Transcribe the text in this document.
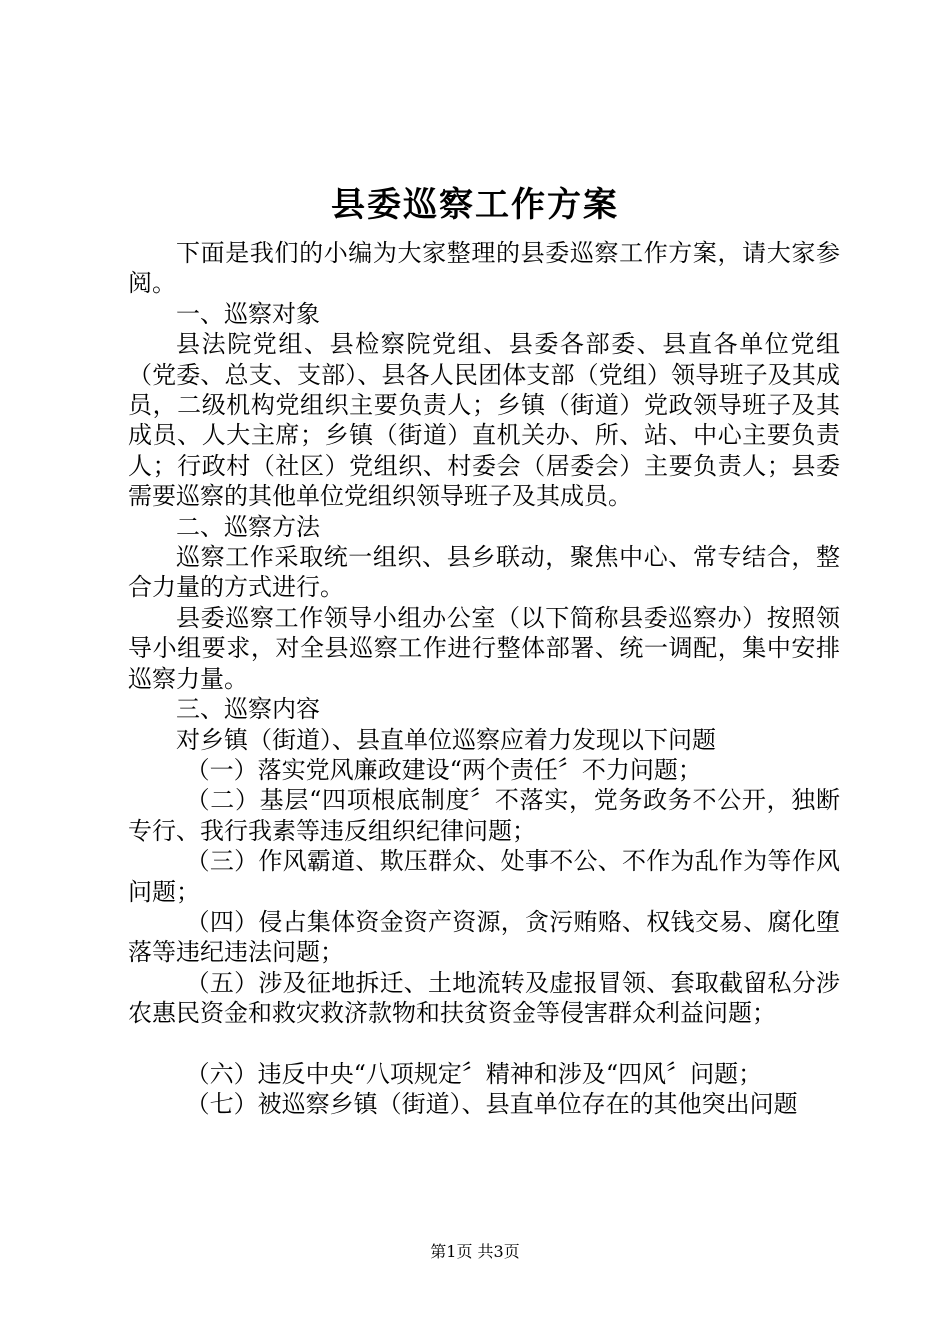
县委巡察工作方案

下面是我们的小编为大家整理的县委巡察工作方案，请大家参阅。

一、巡察对象

县法院党组、县检察院党组、县委各部委、县直各单位党组（党委、总支、支部）、县各人民团体支部（党组）领导班子及其成员，二级机构党组织主要负责人；乡镇（街道）党政领导班子及其成员、人大主席；乡镇（街道）直机关办、所、站、中心主要负责人；行政村（社区）党组织、村委会（居委会）主要负责人；县委需要巡察的其他单位党组织领导班子及其成员。

二、巡察方法

巡察工作采取统一组织、县乡联动，聚焦中心、常专结合，整合力量的方式进行。

县委巡察工作领导小组办公室（以下简称县委巡察办）按照领导小组要求，对全县巡察工作进行整体部署、统一调配，集中安排巡察力量。

三、巡察内容

对乡镇（街道）、县直单位巡察应着力发现以下问题

（一）落实党风廉政建设“两个责任〞不力问题；

（二）基层“四项根底制度〞不落实，党务政务不公开，独断专行、我行我素等违反组织纪律问题；

（三）作风霸道、欺压群众、处事不公、不作为乱作为等作风问题；

（四）侵占集体资金资产资源，贪污贿赂、权钱交易、腐化堕落等违纪违法问题；

（五）涉及征地拆迁、土地流转及虚报冒领、套取截留私分涉农惠民资金和救灾救济款物和扶贫资金等侵害群众利益问题；

（六）违反中央“八项规定〞精神和涉及“四风〞问题；

（七）被巡察乡镇（街道）、县直单位存在的其他突出问题

第1页 共3页
